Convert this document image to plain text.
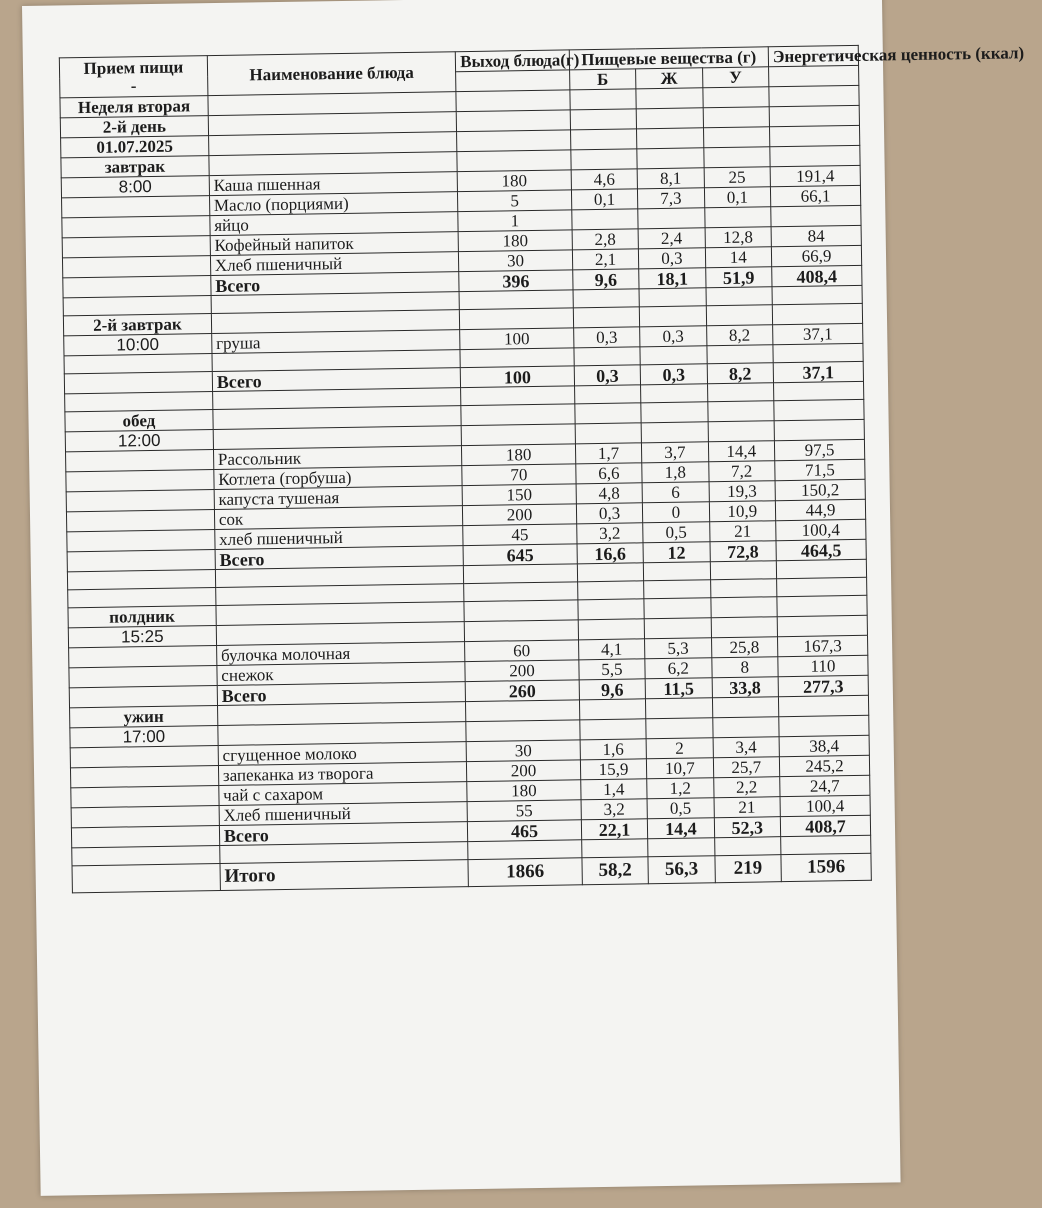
Прием пищи
-	Наименование блюда	Выход блюда(г)	Пищевые вещества (г)			Энергетическая ценность (ккал)
			Б	Ж	У	
Неделя вторая						
2-й день						
01.07.2025						
завтрак						
8:00	Каша пшенная	180	4,6	8,1	25	191,4
	Масло (порциями)	5	0,1	7,3	0,1	66,1
	яйцо	1				
	Кофейный напиток	180	2,8	2,4	12,8	84
	Хлеб пшеничный	30	2,1	0,3	14	66,9
	Всего	396	9,6	18,1	51,9	408,4

2-й завтрак						
10:00	груша	100	0,3	0,3	8,2	37,1

	Всего	100	0,3	0,3	8,2	37,1

обед						
12:00						
	Рассольник	180	1,7	3,7	14,4	97,5
	Котлета (горбуша)	70	6,6	1,8	7,2	71,5
	капуста тушеная	150	4,8	6	19,3	150,2
	сок	200	0,3	0	10,9	44,9
	хлеб пшеничный	45	3,2	0,5	21	100,4
	Всего	645	16,6	12	72,8	464,5

полдник						
15:25						
	булочка молочная	60	4,1	5,3	25,8	167,3
	снежок	200	5,5	6,2	8	110
	Всего	260	9,6	11,5	33,8	277,3
ужин						
17:00						
	сгущенное молоко	30	1,6	2	3,4	38,4
	запеканка из творога	200	15,9	10,7	25,7	245,2
	чай с сахаром	180	1,4	1,2	2,2	24,7
	Хлеб пшеничный	55	3,2	0,5	21	100,4
	Всего	465	22,1	14,4	52,3	408,7

	Итого	1866	58,2	56,3	219	1596
